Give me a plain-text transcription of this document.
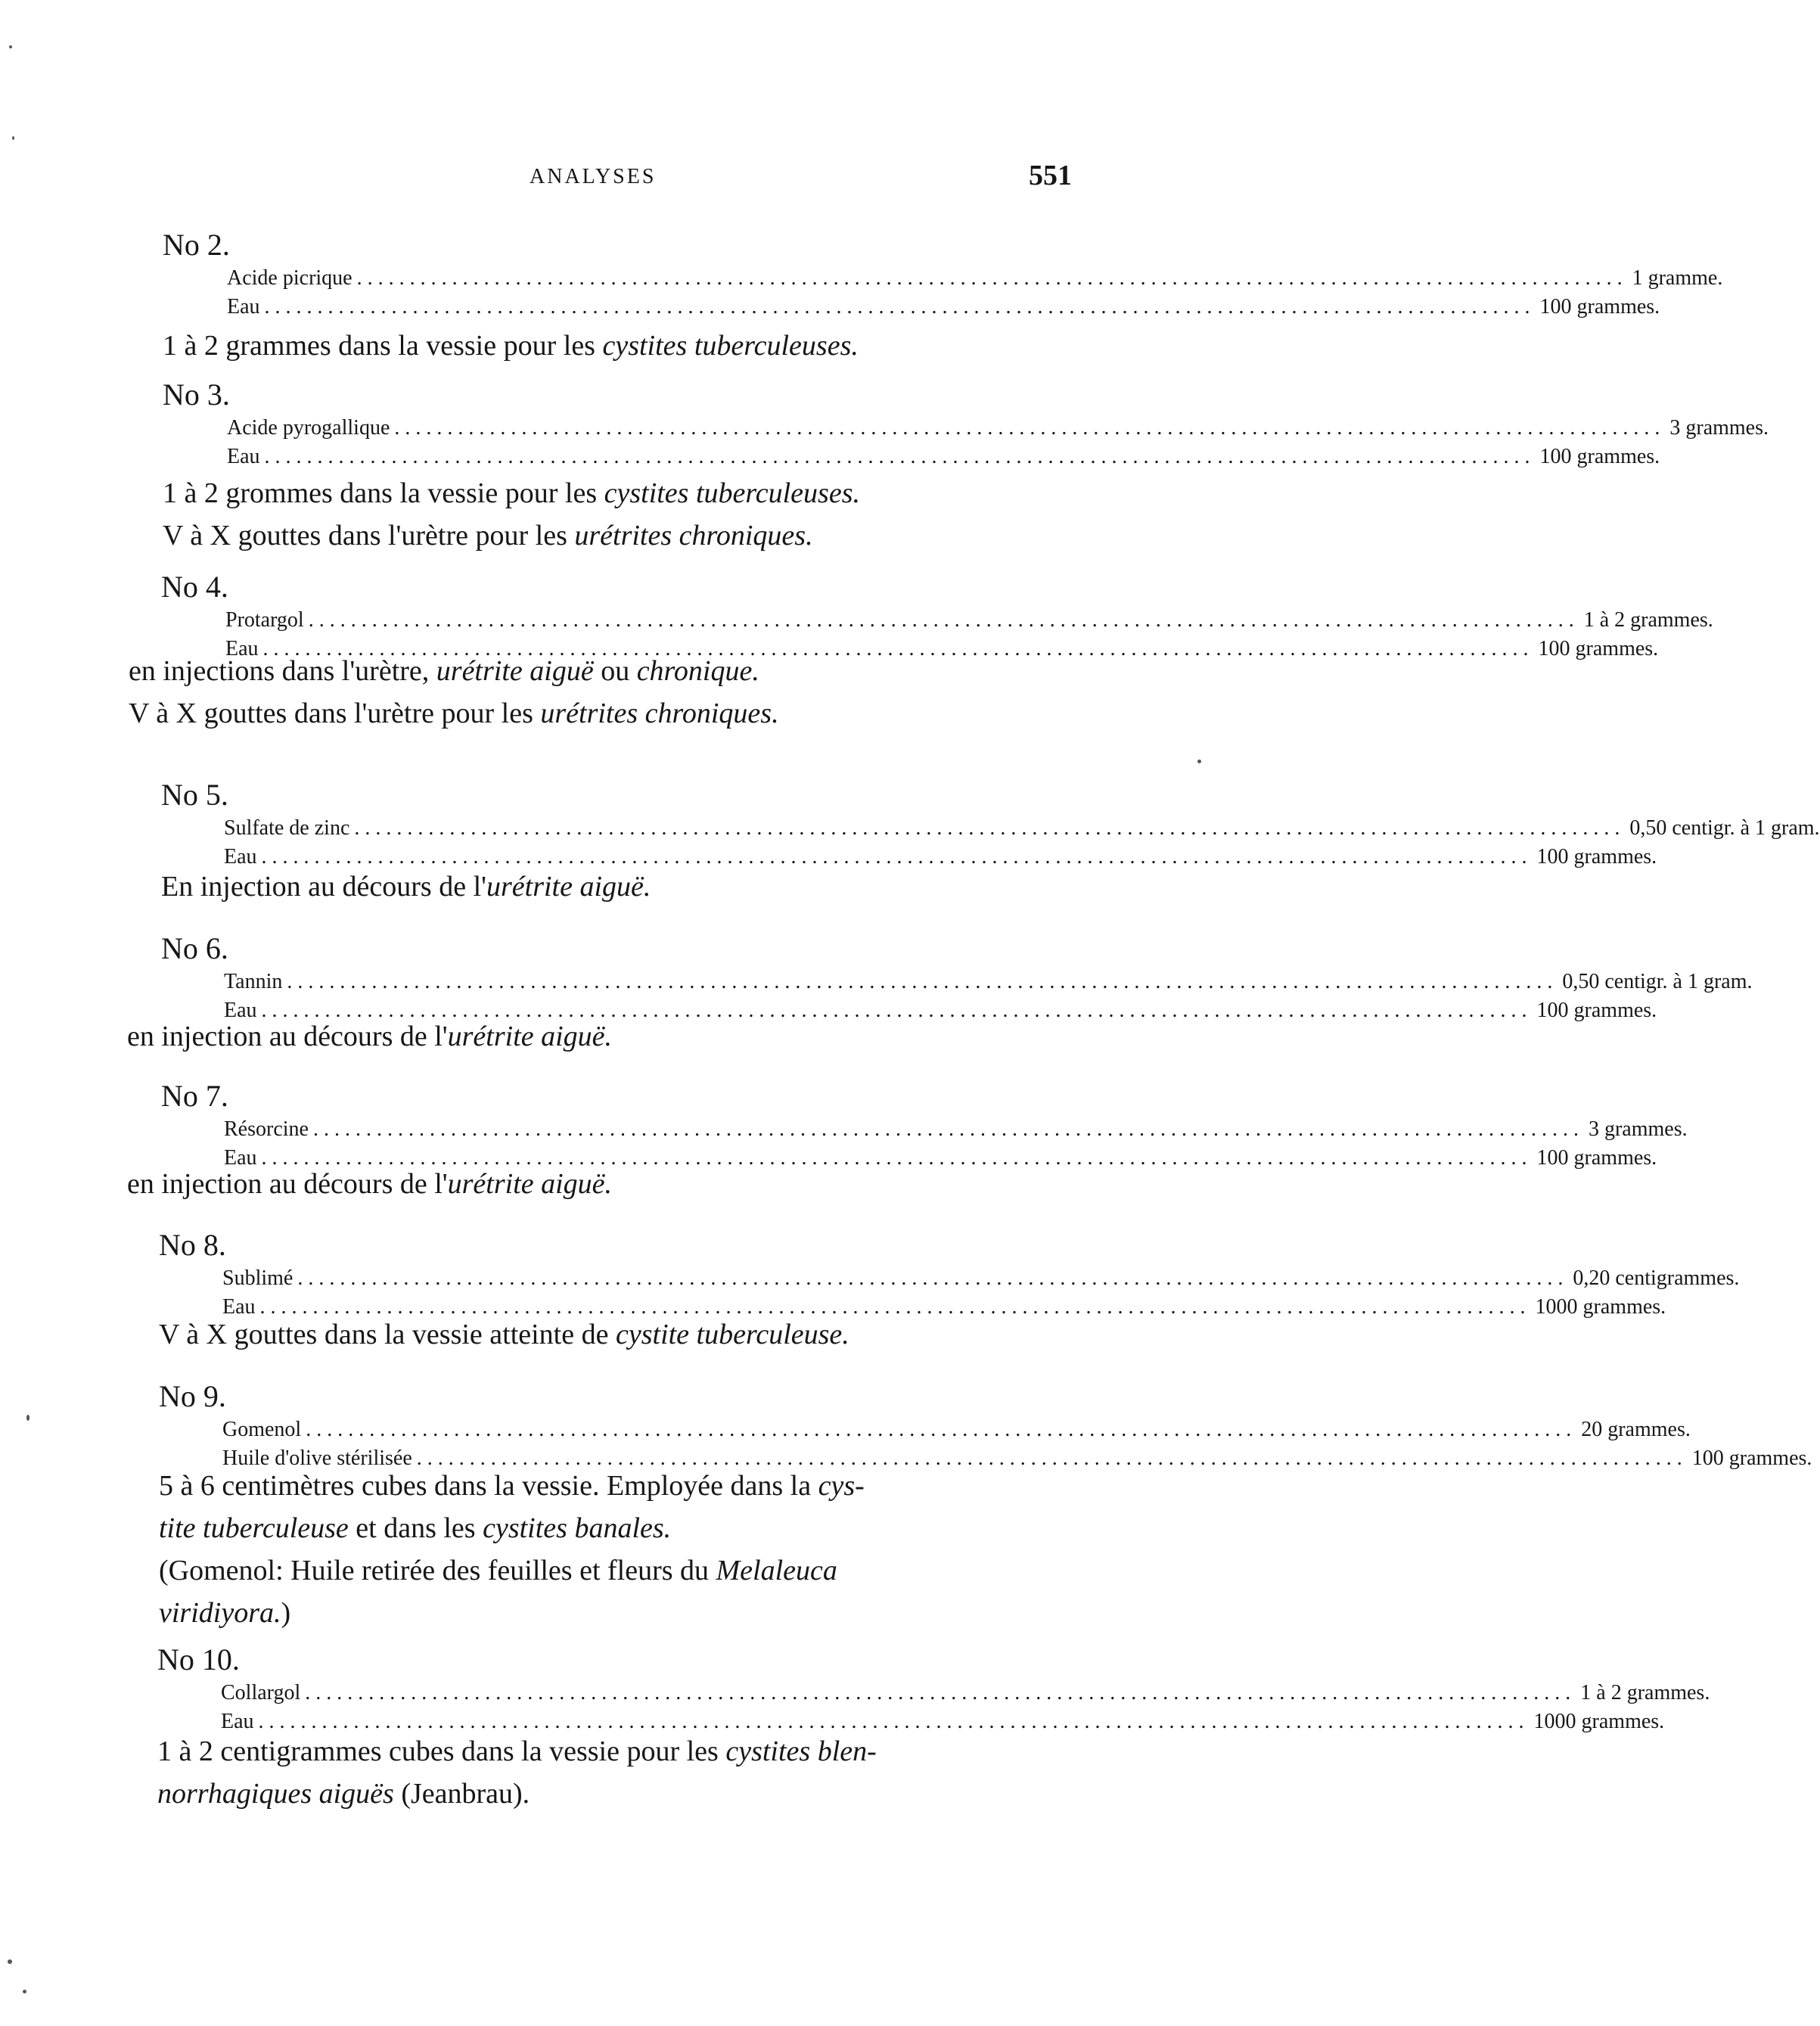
ANALYSES	551
No 2.
Acide picrique ........................................................................................................................ 1 gramme.
Eau ........................................................................................................................ 100 grammes.
1 à 2 grammes dans la vessie pour les cystites tuberculeuses.
No 3.
Acide pyrogallique ........................................................................................................................ 3 grammes.
Eau ........................................................................................................................ 100 grammes.
1 à 2 grommes dans la vessie pour les cystites tuberculeuses.
V à X gouttes dans l'urètre pour les urétrites chroniques.
No 4.
Protargol ........................................................................................................................ 1 à 2 grammes.
Eau ........................................................................................................................ 100 grammes.
en injections dans l'urètre, urétrite aiguë ou chronique.
V à X gouttes dans l'urètre pour les urétrites chroniques.
No 5.
Sulfate de zinc ........................................................................................................................ 0,50 centigr. à 1 gram.
Eau ........................................................................................................................ 100 grammes.
En injection au décours de l'urétrite aiguë.
No 6.
Tannin ........................................................................................................................ 0,50 centigr. à 1 gram.
Eau ........................................................................................................................ 100 grammes.
en injection au décours de l'urétrite aiguë.
No 7.
Résorcine ........................................................................................................................ 3 grammes.
Eau ........................................................................................................................ 100 grammes.
en injection au décours de l'urétrite aiguë.
No 8.
Sublimé ........................................................................................................................ 0,20 centigrammes.
Eau ........................................................................................................................ 1000 grammes.
V à X gouttes dans la vessie atteinte de cystite tuberculeuse.
No 9.
Gomenol ........................................................................................................................ 20 grammes.
Huile d'olive stérilisée ........................................................................................................................ 100 grammes.
5 à 6 centimètres cubes dans la vessie. Employée dans la cys-
tite tuberculeuse et dans les cystites banales.
(Gomenol: Huile retirée des feuilles et fleurs du Melaleuca
viridiyora.)
No 10.
Collargol ........................................................................................................................ 1 à 2 grammes.
Eau ........................................................................................................................ 1000 grammes.
1 à 2 centigrammes cubes dans la vessie pour les cystites blen-
norrhagiques aiguës (Jeanbrau).
